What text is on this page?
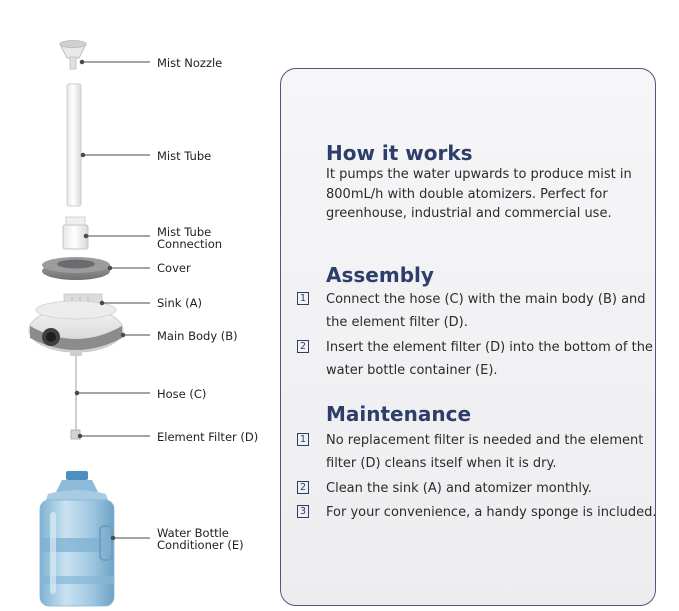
Mist Nozzle
Mist Tube
Mist Tube
Connection
Cover
Sink (A)
Main Body (B)
Hose (C)
Element Filter (D)
Water Bottle
Conditioner (E)
How it works
It pumps the water upwards to produce mist in 800mL/h with double atomizers. Perfect for greenhouse, industrial and commercial use.
Assembly
1 Connect the hose (C) with the main body (B) and the element filter (D).
2 Insert the element filter (D) into the bottom of the water bottle container (E).
Maintenance
1 No replacement filter is needed and the element filter (D) cleans itself when it is dry.
2 Clean the sink (A) and atomizer monthly.
3 For your convenience, a handy sponge is included.
